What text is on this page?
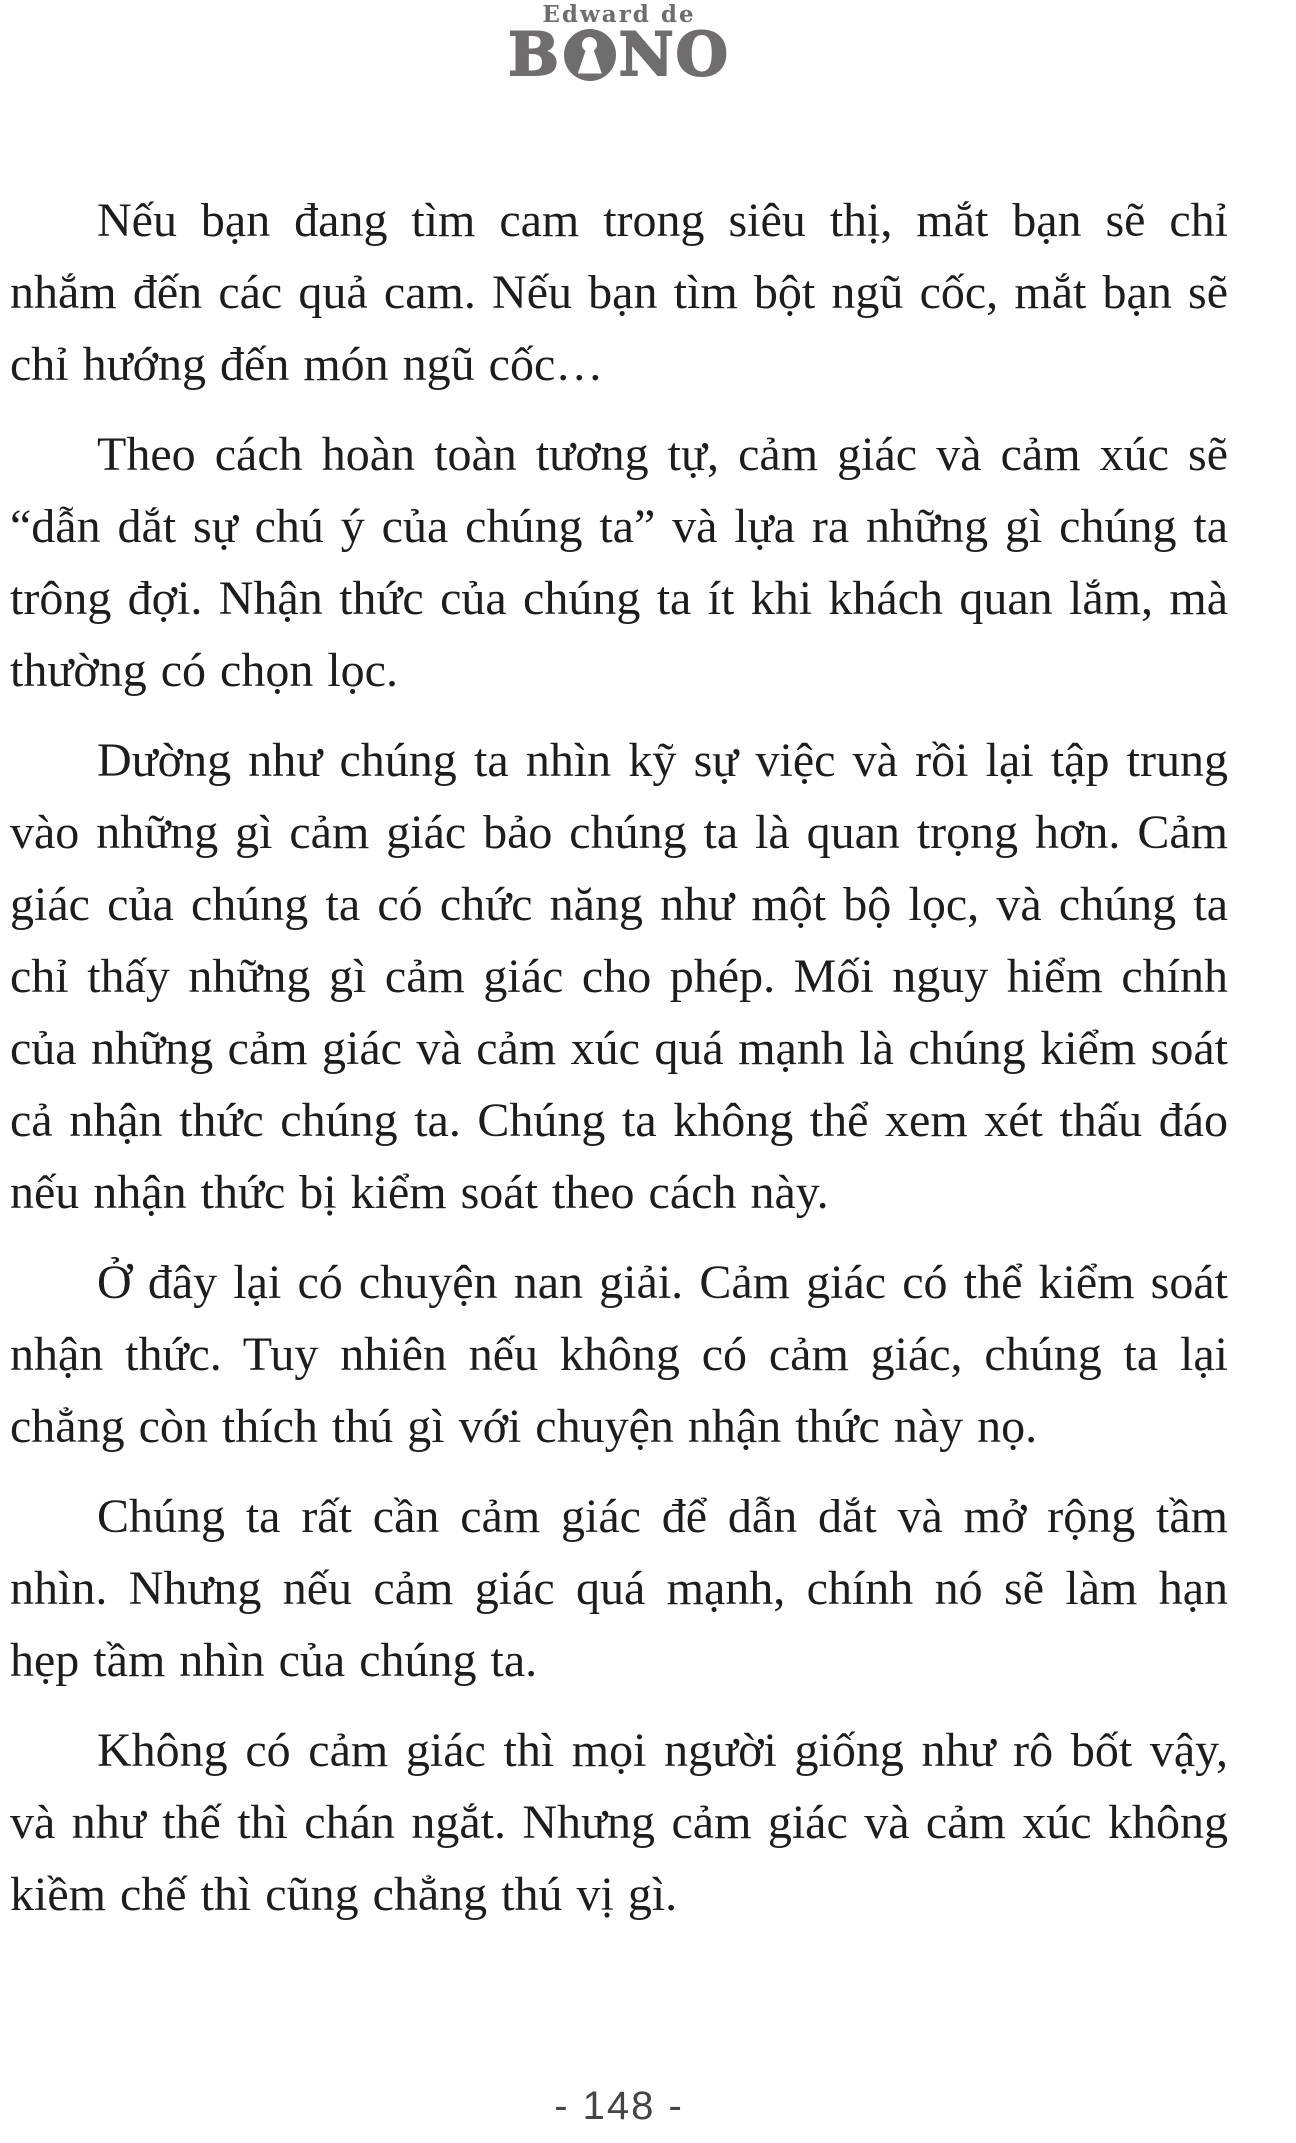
Edward de
B NO

Nếu bạn đang tìm cam trong siêu thị, mắt bạn sẽ chỉ nhắm đến các quả cam. Nếu bạn tìm bột ngũ cốc, mắt bạn sẽ chỉ hướng đến món ngũ cốc…

Theo cách hoàn toàn tương tự, cảm giác và cảm xúc sẽ “dẫn dắt sự chú ý của chúng ta” và lựa ra những gì chúng ta trông đợi. Nhận thức của chúng ta ít khi khách quan lắm, mà thường có chọn lọc.

Dường như chúng ta nhìn kỹ sự việc và rồi lại tập trung vào những gì cảm giác bảo chúng ta là quan trọng hơn. Cảm giác của chúng ta có chức năng như một bộ lọc, và chúng ta chỉ thấy những gì cảm giác cho phép. Mối nguy hiểm chính của những cảm giác và cảm xúc quá mạnh là chúng kiểm soát cả nhận thức chúng ta. Chúng ta không thể xem xét thấu đáo nếu nhận thức bị kiểm soát theo cách này.

Ở đây lại có chuyện nan giải. Cảm giác có thể kiểm soát nhận thức. Tuy nhiên nếu không có cảm giác, chúng ta lại chẳng còn thích thú gì với chuyện nhận thức này nọ.

Chúng ta rất cần cảm giác để dẫn dắt và mở rộng tầm nhìn. Nhưng nếu cảm giác quá mạnh, chính nó sẽ làm hạn hẹp tầm nhìn của chúng ta.

Không có cảm giác thì mọi người giống như rô bốt vậy, và như thế thì chán ngắt. Nhưng cảm giác và cảm xúc không kiềm chế thì cũng chẳng thú vị gì.

- 148 -
